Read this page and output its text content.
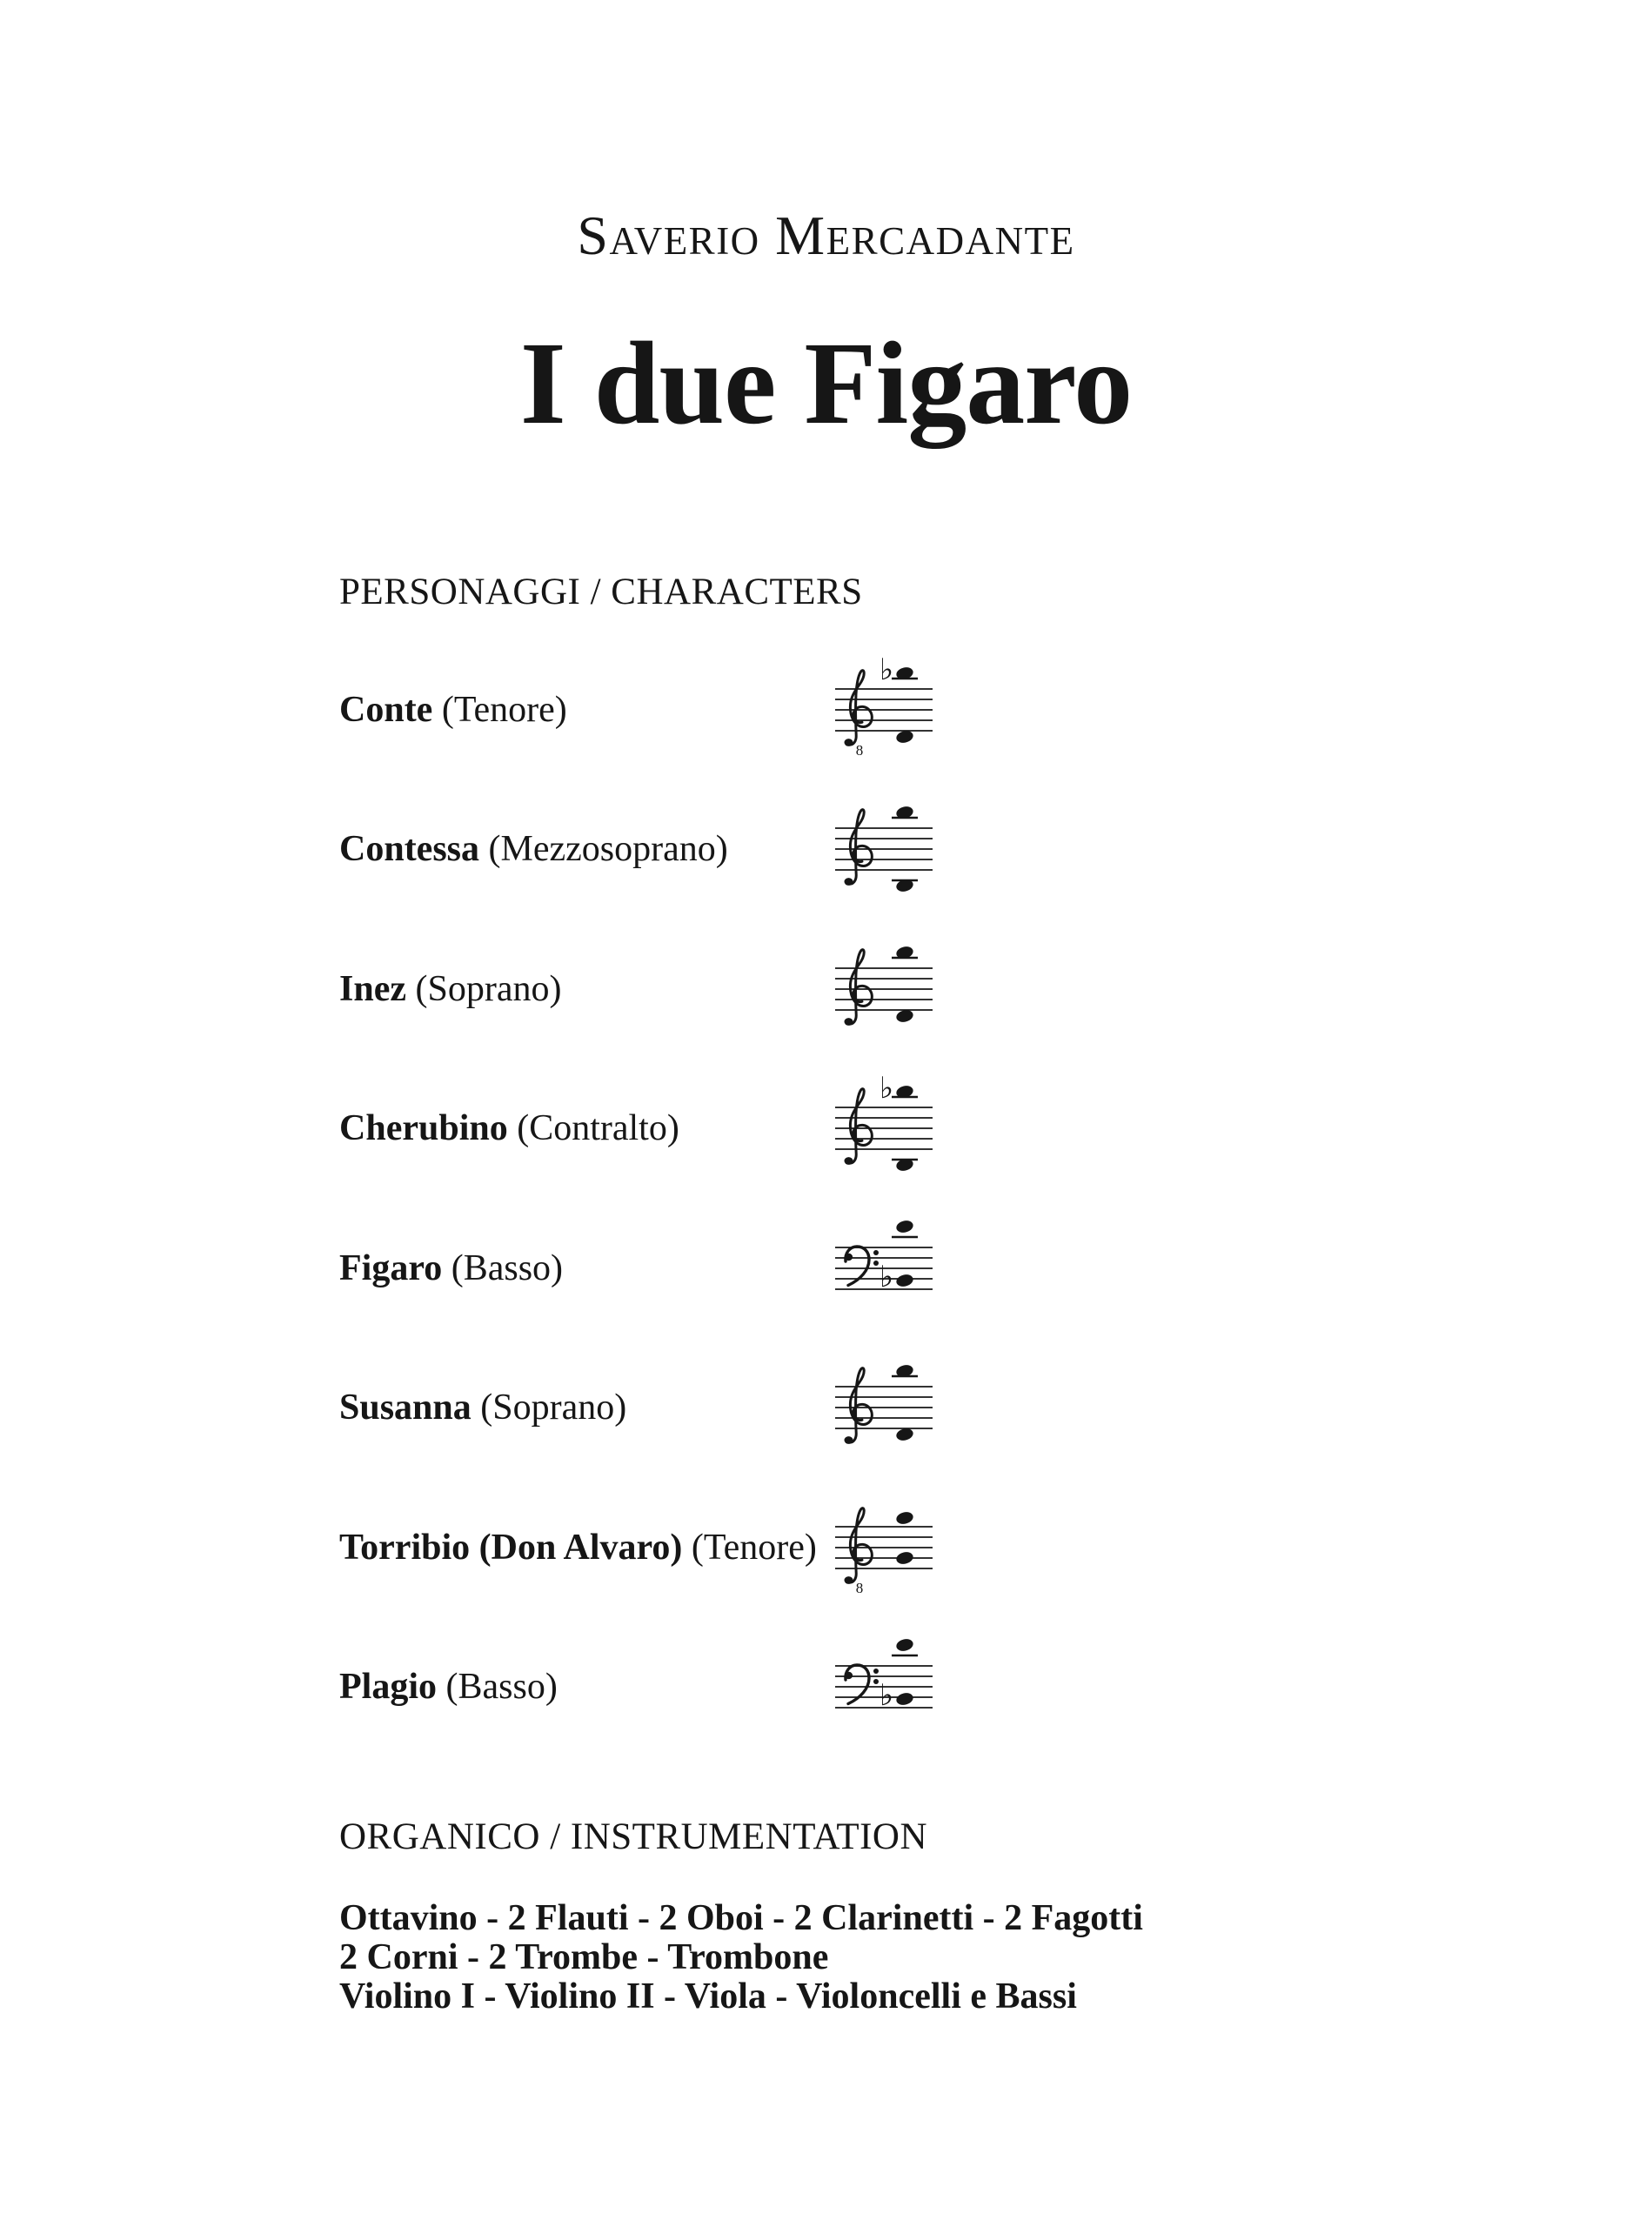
Saverio Mercadante
I due Figaro
PERSONAGGI / CHARACTERS
Conte (Tenore)
8
♭
Contessa (Mezzosoprano)
Inez (Soprano)
Cherubino (Contralto)
♭
Figaro (Basso)	♭
Susanna (Soprano)
Torribio (Don Alvaro) (Tenore)
8
Plagio (Basso)	♭
ORGANICO / INSTRUMENTATION
Ottavino - 2 Flauti - 2 Oboi - 2 Clarinetti - 2 Fagotti
2 Corni - 2 Trombe - Trombone
Violino I - Violino II - Viola - Violoncelli e Bassi
